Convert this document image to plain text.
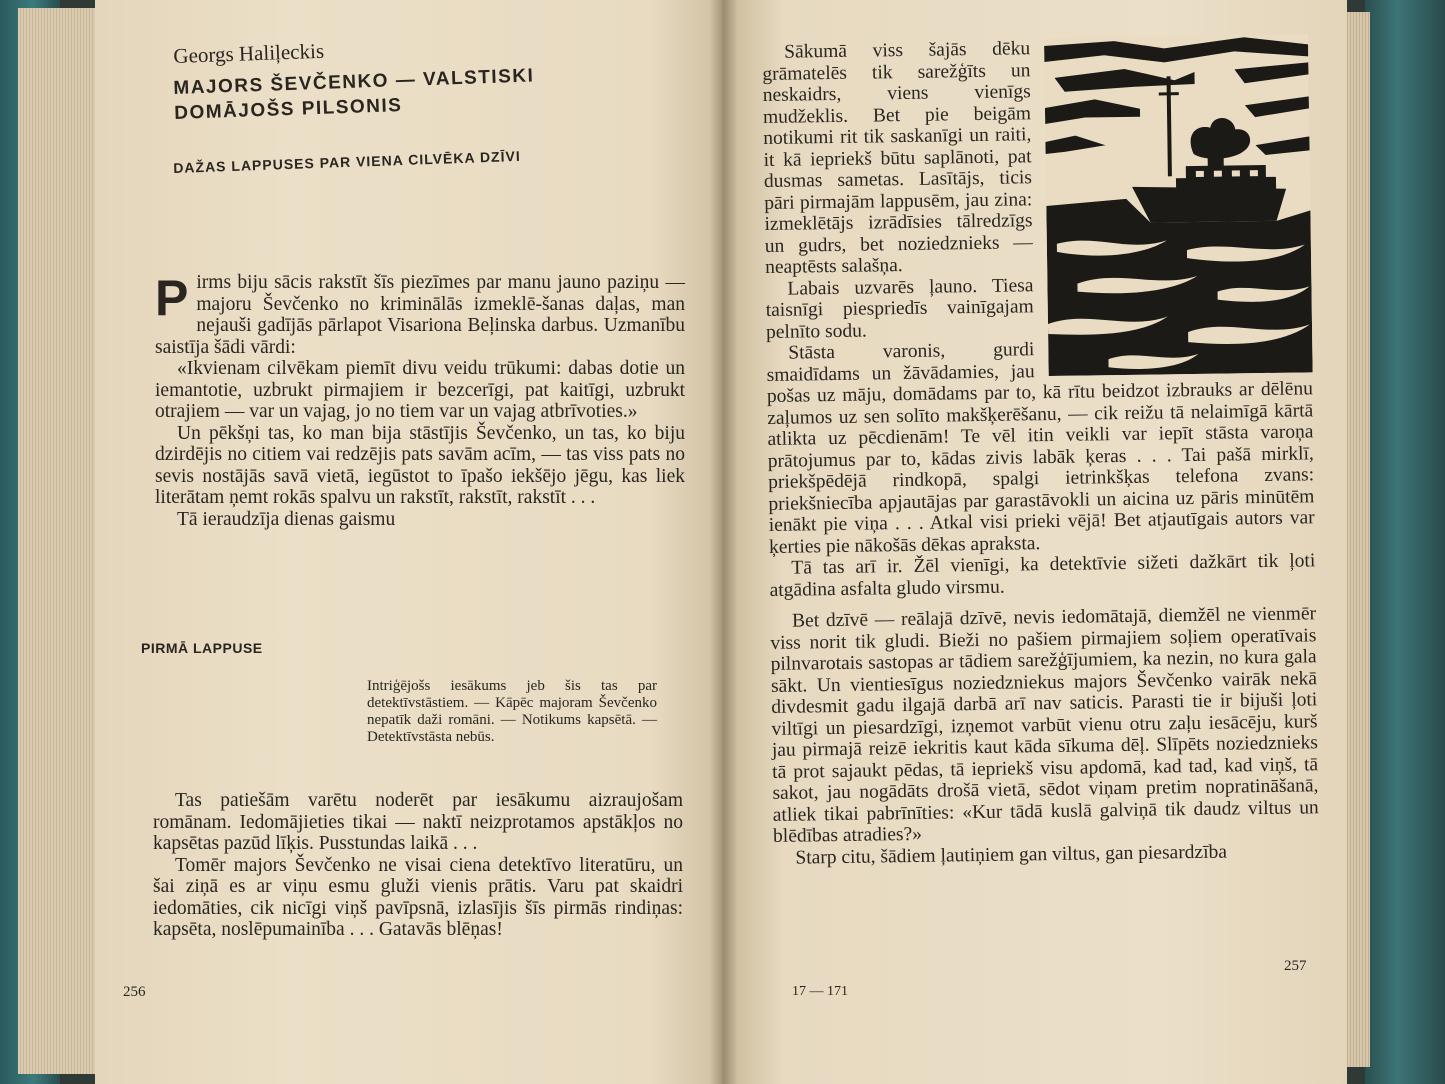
Georgs Haliļeckis
MAJORS ŠEVČENKO — VALSTISKI
DOMĀJOŠS PILSONIS
DAŽAS LAPPUSES PAR VIENA CILVĒKA DZĪVI
P irms biju sācis rakstīt šīs piezīmes par manu jauno paziņu — majoru Ševčenko no kriminālās izmeklē-šanas daļas, man nejauši gadījās pārlapot Visariona Beļinska darbus. Uzmanību saistīja šādi vārdi:

«Ikvienam cilvēkam piemīt divu veidu trūkumi: dabas dotie un iemantotie, uzbrukt pirmajiem ir bezcerīgi, pat kaitīgi, uzbrukt otrajiem — var un vajag, jo no tiem var un vajag atbrīvoties.»

Un pēkšņi tas, ko man bija stāstījis Ševčenko, un tas, ko biju dzirdējis no citiem vai redzējis pats savām acīm, — tas viss pats no sevis nostājās savā vietā, iegūstot to īpašo iekšējo jēgu, kas liek literātam ņemt rokās spalvu un rakstīt, rakstīt, rakstīt . . .

Tā ieraudzīja dienas gaismu

PIRMĀ LAPPUSE
Intriģējošs iesākums jeb šis tas par detektīvstāstiem. — Kāpēc majoram Ševčenko nepatīk daži romāni. — Notikums kapsētā. — Detektīvstāsta nebūs.

Tas patiešām varētu noderēt par iesākumu aizraujošam romānam. Iedomājieties tikai — naktī neizprotamos apstākļos no kapsētas pazūd līķis. Pusstundas laikā . . .

Tomēr majors Ševčenko ne visai ciena detektīvo literatūru, un šai ziņā es ar viņu esmu gluži vienis prātis. Varu pat skaidri iedomāties, cik nicīgi viņš pavīpsnā, izlasījis šīs pirmās rindiņas: kapsēta, noslēpumainība . . . Gatavās blēņas!

256

Sākumā viss šajās dēku grāmatelēs tik sarežģīts un neskaidrs, viens vienīgs mudžeklis. Bet pie beigām notikumi rit tik saskanīgi un raiti, it kā iepriekš būtu saplānoti, pat dusmas sametas. Lasītājs, ticis pāri pirmajām lappusēm, jau zina: izmeklētājs izrādīsies tālredzīgs un gudrs, bet noziedznieks — neaptēsts salašņa.

Labais uzvarēs ļauno. Tiesa taisnīgi piespriedīs vainīgajam pelnīto sodu.

Stāsta varonis, gurdi smaidīdams un žāvādamies, jau pošas uz māju, domādams par to, kā rītu beidzot izbrauks ar dēlēnu zaļumos uz sen solīto makšķerēšanu, — cik reižu tā nelaimīgā kārtā atlikta uz pēcdienām! Te vēl itin veikli var iepīt stāsta varoņa prātojumus par to, kādas zivis labāk ķeras . . . Tai pašā mirklī, priekšpēdējā rindkopā, spalgi ietrinkšķas telefona zvans: priekšniecība apjautājas par garastāvokli un aicina uz pāris minūtēm ienākt pie viņa . . . Atkal visi prieki vējā! Bet atjautīgais autors var ķerties pie nākošās dēkas apraksta.

Tā tas arī ir. Žēl vienīgi, ka detektīvie sižeti dažkārt tik ļoti atgādina asfalta gludo virsmu.

Bet dzīvē — reālajā dzīvē, nevis iedomātajā, diemžēl ne vienmēr viss norit tik gludi. Bieži no pašiem pirmajiem soļiem operatīvais pilnvarotais sastopas ar tādiem sarežģījumiem, ka nezin, no kura gala sākt. Un vientiesīgus noziedzniekus majors Ševčenko vairāk nekā divdesmit gadu ilgajā darbā arī nav saticis. Parasti tie ir bijuši ļoti viltīgi un piesardzīgi, izņemot varbūt vienu otru zaļu iesācēju, kurš jau pirmajā reizē iekritis kaut kāda sīkuma dēļ. Slīpēts noziedznieks tā prot sajaukt pēdas, tā iepriekš visu apdomā, kad tad, kad viņš, tā sakot, jau nogādāts drošā vietā, sēdot viņam pretim nopratināšanā, atliek tikai pabrīnīties: «Kur tādā kuslā galviņā tik daudz viltus un blēdības atradies?»

Starp citu, šādiem ļautiņiem gan viltus, gan piesardzība

17 — 171
257
